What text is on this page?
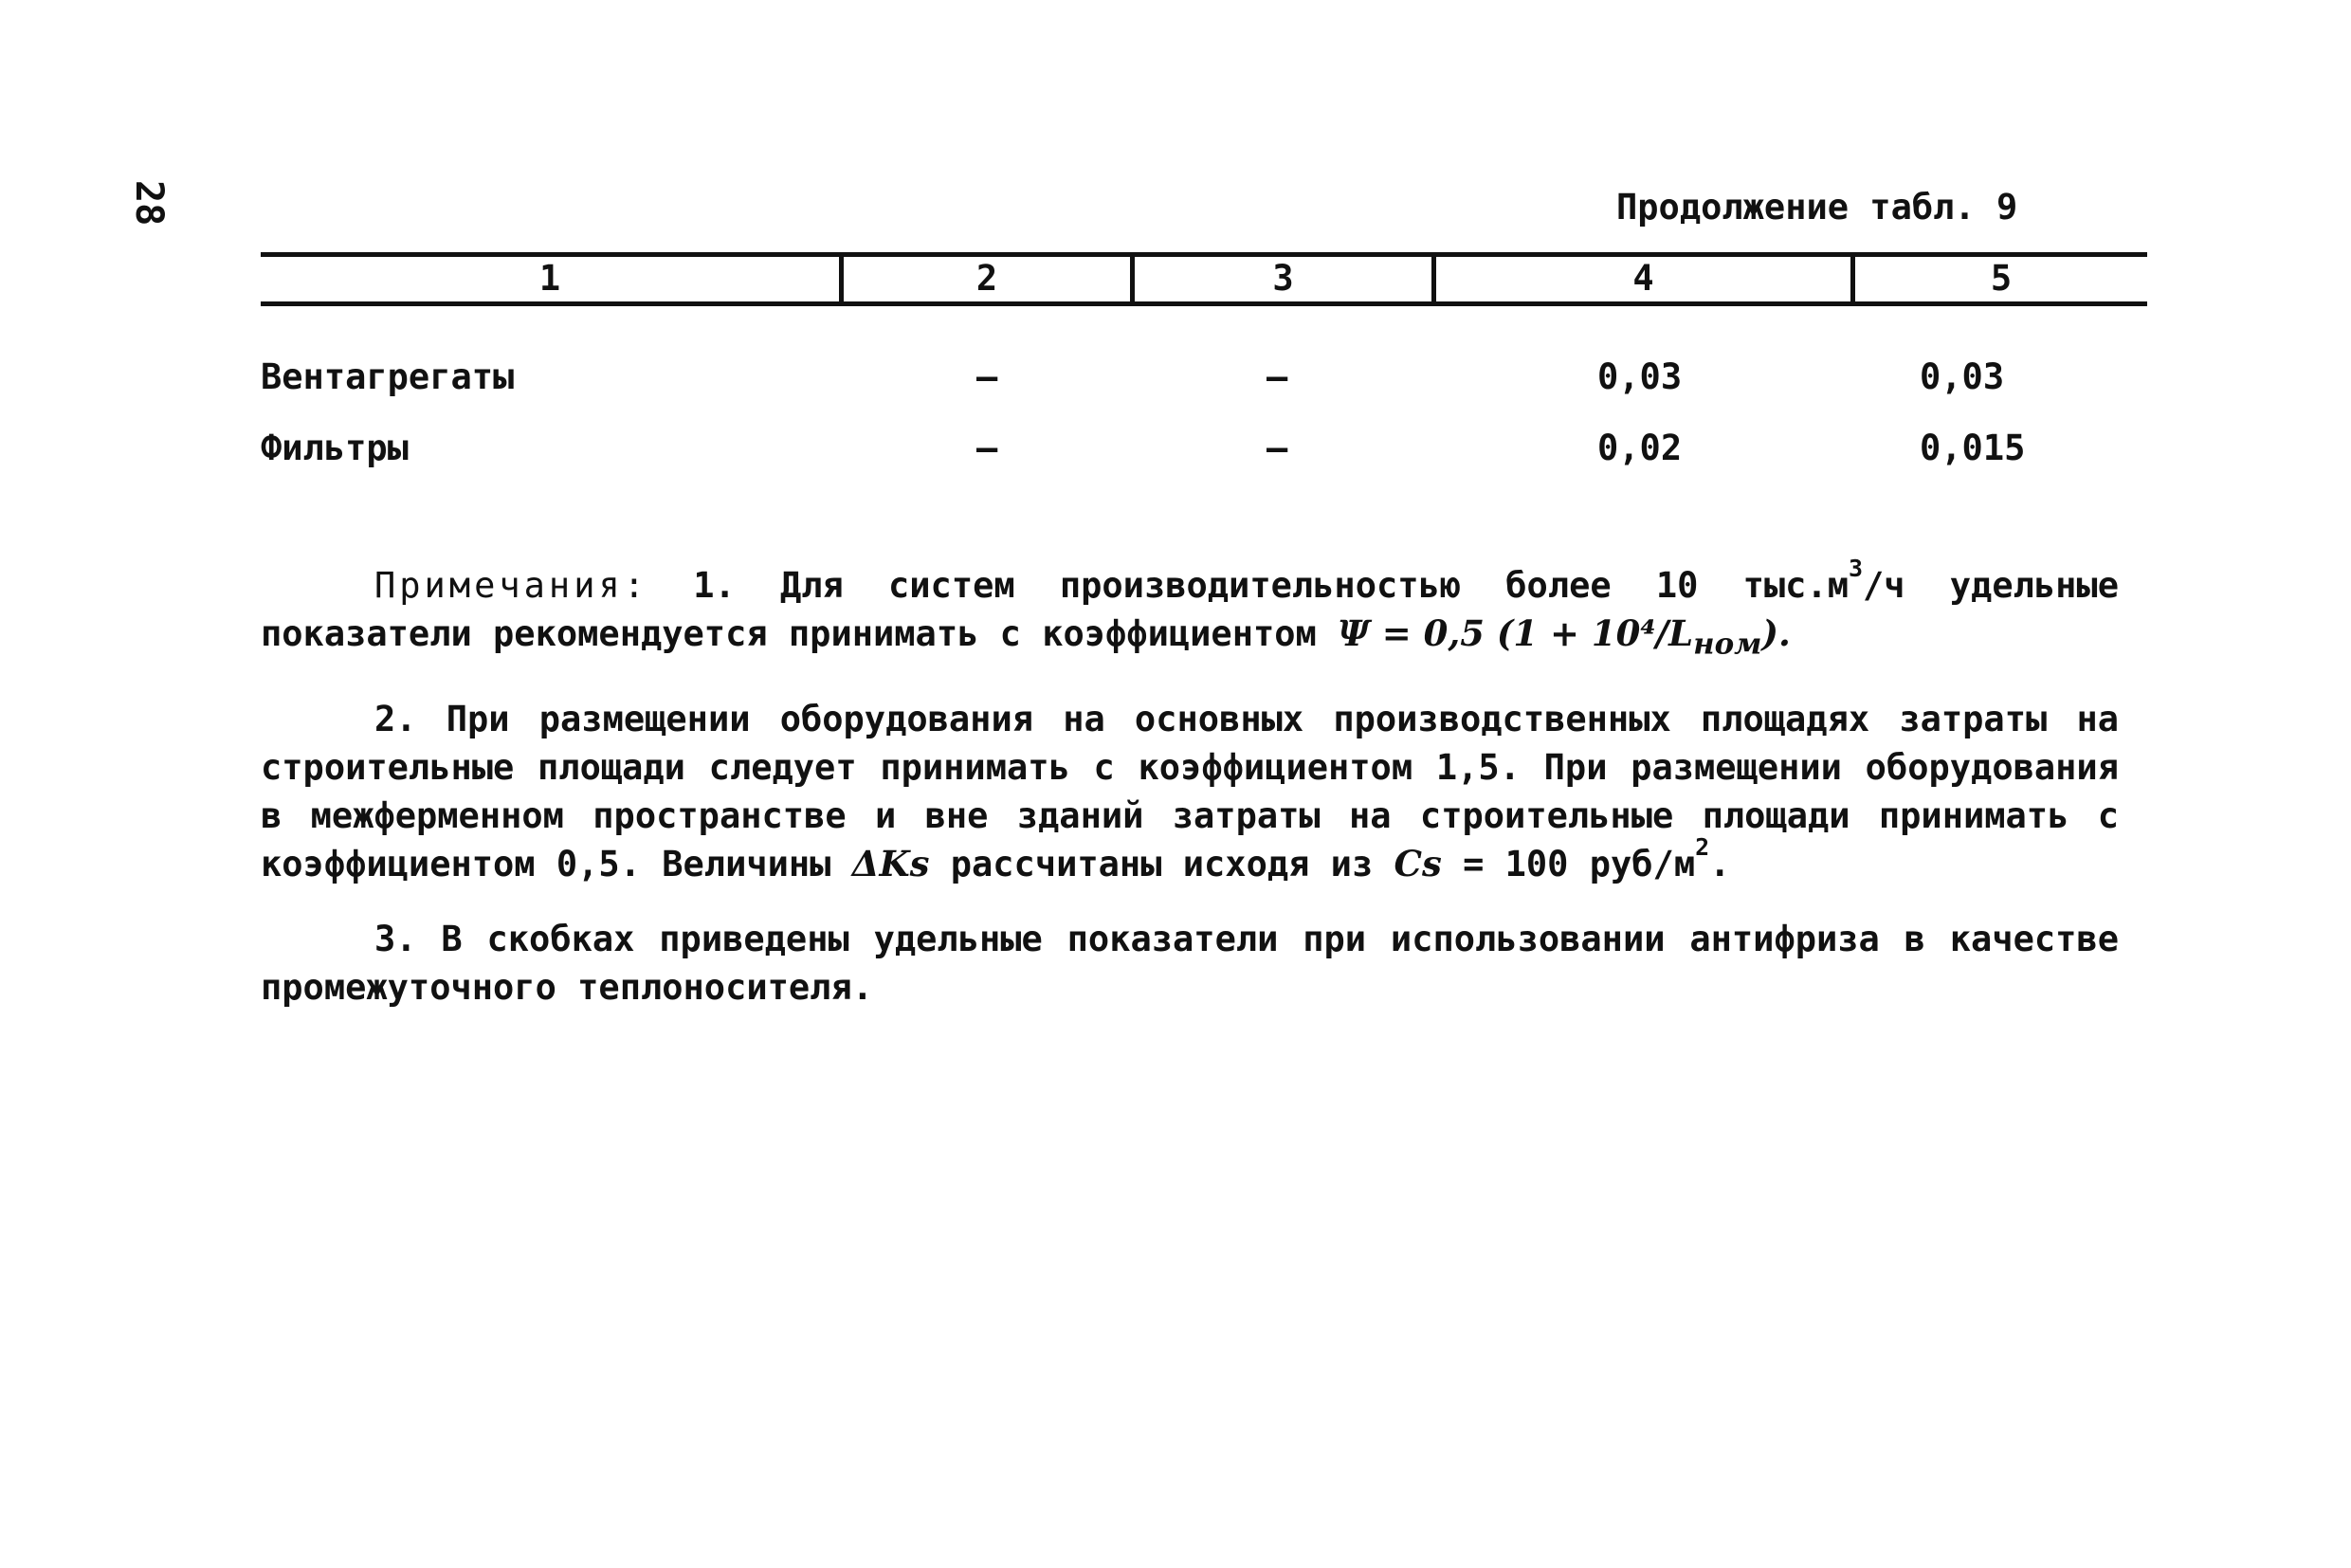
28	Продолжение табл. 9
1	2	3	4	5
Вентагрегаты	–	–	0,03	0,03
Фильтры	–	–	0,02	0,015

Примечания: 1. Для систем производительностью более 10 $тыс.м^3/ч$ удельные показатели рекомендуется принимать с коэффициентом Ψ = 0,5 $(1 + 10^4/L_{ном})$.

2. При размещении оборудования на основных производственных площадях затраты на строительные площади следует принимать с коэффициентом 1,5. При размещении оборудования в межферменном пространстве и вне зданий затраты на строительные площади принимать с коэффициентом 0,5. Величины ΔKs рассчитаны исходя из Cs = 100 руб/$м^2$.

3. В скобках приведены удельные показатели при использовании антифриза в качестве промежуточного теплоносителя.
